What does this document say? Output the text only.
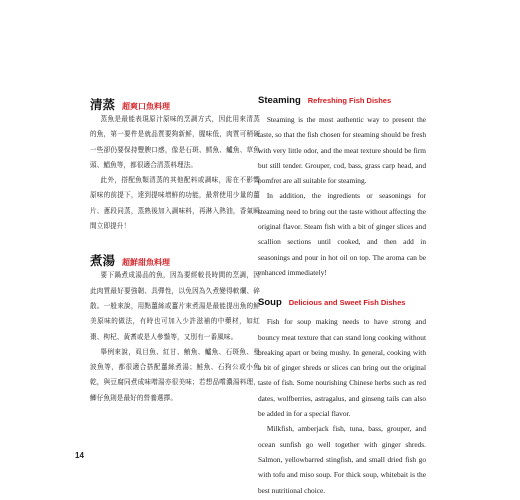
清蒸 超爽口魚料理

蒸魚是最能表現原汁原味的烹調方式，因此用來清蒸的魚，第一要件是就品質要夠新鮮，腥味低，肉質可稍硬一些卻仍要保持豐腴口感，像是石斑、鱈魚、鱸魚、草魚頭、鯧魚等，都很適合清蒸料理法。

此外，搭配魚類清蒸的其他配料或調味，需在不影響原味的前提下，達到提味增鮮的功能，最常使用少量的薑片、蔥段同蒸，蒸熟後加入調味料，再淋入熱油，香氣瞬間立即提升！

煮湯 超鮮甜魚料理

要下鍋煮成湯品的魚，因為要經較長時間的烹調，因此肉質最好要強韌、具彈性，以免因為久煮變得軟爛、碎散。一般來說，用點薑絲或薑片來煮湯是最能提出魚的鮮美原味的做法，有時也可加入少許滋補的中藥材，如紅棗、枸杞、黃耆或是人參鬚等，又別有一番風味。

舉例來說，虱目魚、紅甘、鮪魚、鱸魚、石斑魚、曼波魚等，都很適合搭配薑絲煮湯；鮭魚、石狗公或小魚乾，與豆腐同煮成味噌湯亦很美味；若想品嚐濃湯料理，鯽仔魚則是最好的營養選擇。

Steaming Refreshing Fish Dishes

Steaming is the most authentic way to present the taste, so that the fish chosen for steaming should be fresh with very little odor, and the meat texture should be firm but still tender. Grouper, cod, bass, grass carp head, and pomfret are all suitable for steaming.

In addition, the ingredients or seasonings for steaming need to bring out the taste without affecting the original flavor. Steam fish with a bit of ginger slices and scallion sections until cooked, and then add in seasonings and pour in hot oil on top. The aroma can be enhanced immediately!

Soup Delicious and Sweet Fish Dishes

Fish for soup making needs to have strong and bouncy meat texture that can stand long cooking without breaking apart or being mushy. In general, cooking with a bit of ginger shreds or slices can bring out the original taste of fish. Some nourishing Chinese herbs such as red dates, wolfberries, astragalus, and ginseng tails can also be added in for a special flavor.

Milkfish, amberjack fish, tuna, bass, grouper, and ocean sunfish go well together with ginger shreds. Salmon, yellowbarred stingfish, and small dried fish go with tofu and miso soup. For thick soup, whitebait is the best nutritional choice.

14
